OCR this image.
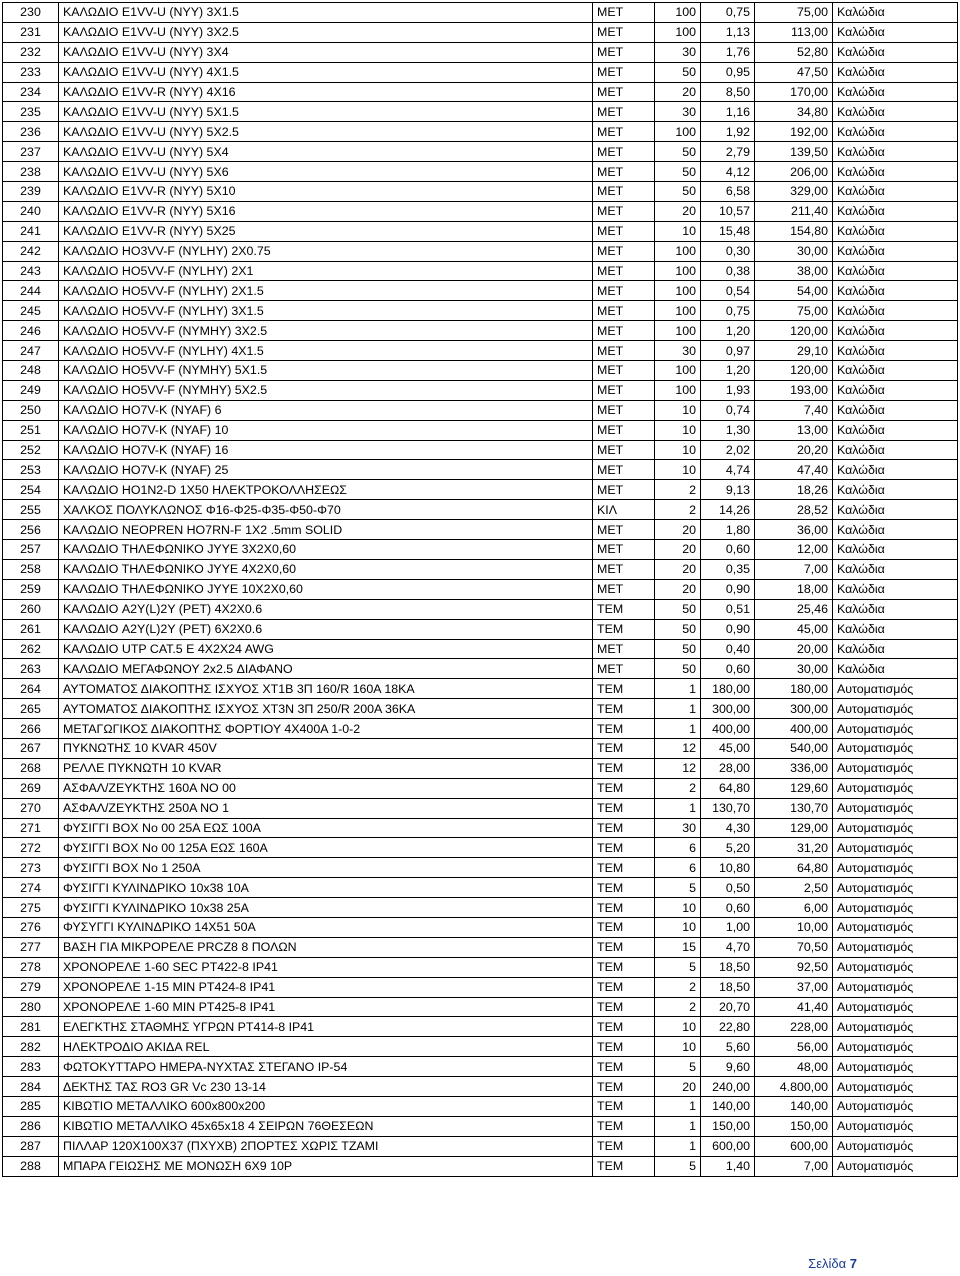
230	ΚΑΛΩΔΙΟ E1VV-U (NYY) 3X1.5	ΜΕΤ	100	0,75	75,00	Καλώδια
231	ΚΑΛΩΔΙΟ E1VV-U (NYY) 3X2.5	ΜΕΤ	100	1,13	113,00	Καλώδια
232	ΚΑΛΩΔΙΟ E1VV-U (NYY) 3X4	ΜΕΤ	30	1,76	52,80	Καλώδια
233	ΚΑΛΩΔΙΟ E1VV-U (NYY) 4X1.5	ΜΕΤ	50	0,95	47,50	Καλώδια
234	ΚΑΛΩΔΙΟ E1VV-R (NYY) 4X16	ΜΕΤ	20	8,50	170,00	Καλώδια
235	ΚΑΛΩΔΙΟ E1VV-U (NYY) 5X1.5	ΜΕΤ	30	1,16	34,80	Καλώδια
236	ΚΑΛΩΔΙΟ E1VV-U (NYY) 5X2.5	ΜΕΤ	100	1,92	192,00	Καλώδια
237	ΚΑΛΩΔΙΟ E1VV-U (NYY) 5X4	ΜΕΤ	50	2,79	139,50	Καλώδια
238	ΚΑΛΩΔΙΟ E1VV-U (NYY) 5X6	ΜΕΤ	50	4,12	206,00	Καλώδια
239	ΚΑΛΩΔΙΟ E1VV-R (NYY) 5X10	ΜΕΤ	50	6,58	329,00	Καλώδια
240	ΚΑΛΩΔΙΟ E1VV-R (NYY) 5X16	ΜΕΤ	20	10,57	211,40	Καλώδια
241	ΚΑΛΩΔΙΟ E1VV-R (NYY) 5X25	ΜΕΤ	10	15,48	154,80	Καλώδια
242	ΚΑΛΩΔΙΟ HO3VV-F (NYLHY) 2X0.75	ΜΕΤ	100	0,30	30,00	Καλώδια
243	ΚΑΛΩΔΙΟ HO5VV-F (NYLHY) 2X1	ΜΕΤ	100	0,38	38,00	Καλώδια
244	ΚΑΛΩΔΙΟ HO5VV-F (NYLHY) 2X1.5	ΜΕΤ	100	0,54	54,00	Καλώδια
245	ΚΑΛΩΔΙΟ HO5VV-F (NYLHY) 3X1.5	ΜΕΤ	100	0,75	75,00	Καλώδια
246	ΚΑΛΩΔΙΟ HO5VV-F (NYMHY) 3X2.5	ΜΕΤ	100	1,20	120,00	Καλώδια
247	ΚΑΛΩΔΙΟ HO5VV-F (NYLHY) 4X1.5	ΜΕΤ	30	0,97	29,10	Καλώδια
248	ΚΑΛΩΔΙΟ HO5VV-F (NYMHY) 5X1.5	ΜΕΤ	100	1,20	120,00	Καλώδια
249	ΚΑΛΩΔΙΟ HO5VV-F (NYMHY) 5X2.5	ΜΕΤ	100	1,93	193,00	Καλώδια
250	ΚΑΛΩΔΙΟ HO7V-K (NYAF) 6	ΜΕΤ	10	0,74	7,40	Καλώδια
251	ΚΑΛΩΔΙΟ HO7V-K (NYAF) 10	ΜΕΤ	10	1,30	13,00	Καλώδια
252	ΚΑΛΩΔΙΟ HO7V-K (NYAF) 16	ΜΕΤ	10	2,02	20,20	Καλώδια
253	ΚΑΛΩΔΙΟ HO7V-K (NYAF) 25	ΜΕΤ	10	4,74	47,40	Καλώδια
254	ΚΑΛΩΔΙΟ HO1N2-D 1X50 ΗΛΕΚΤΡΟΚΟΛΛΗΣΕΩΣ	ΜΕΤ	2	9,13	18,26	Καλώδια
255	ΧΑΛΚΟΣ ΠΟΛΥΚΛΩΝΟΣ Φ16-Φ25-Φ35-Φ50-Φ70	ΚΙΛ	2	14,26	28,52	Καλώδια
256	ΚΑΛΩΔΙΟ NEOPREN HO7RN-F 1X2 .5mm SOLID	ΜΕΤ	20	1,80	36,00	Καλώδια
257	ΚΑΛΩΔΙΟ ΤΗΛΕΦΩΝΙΚΟ JYYE 3X2X0,60	ΜΕΤ	20	0,60	12,00	Καλώδια
258	ΚΑΛΩΔΙΟ ΤΗΛΕΦΩΝΙΚΟ JYYE 4X2X0,60	ΜΕΤ	20	0,35	7,00	Καλώδια
259	ΚΑΛΩΔΙΟ ΤΗΛΕΦΩΝΙΚΟ JYYE 10X2X0,60	ΜΕΤ	20	0,90	18,00	Καλώδια
260	ΚΑΛΩΔΙΟ A2Y(L)2Y (PET) 4X2X0.6	ΤΕΜ	50	0,51	25,46	Καλώδια
261	ΚΑΛΩΔΙΟ A2Y(L)2Y (PET) 6X2X0.6	ΤΕΜ	50	0,90	45,00	Καλώδια
262	ΚΑΛΩΔΙΟ UTP CAT.5 E 4X2X24 AWG	ΜΕΤ	50	0,40	20,00	Καλώδια
263	ΚΑΛΩΔΙΟ ΜΕΓΑΦΩΝΟΥ 2x2.5 ΔΙΑΦΑΝΟ	ΜΕΤ	50	0,60	30,00	Καλώδια
264	ΑΥΤΟΜΑΤΟΣ ΔΙΑΚΟΠΤΗΣ ΙΣΧΥΟΣ XT1B 3Π 160/R 160A 18KA	ΤΕΜ	1	180,00	180,00	Αυτοματισμός
265	ΑΥΤΟΜΑΤΟΣ ΔΙΑΚΟΠΤΗΣ ΙΣΧΥΟΣ XT3N 3Π 250/R 200A 36KA	ΤΕΜ	1	300,00	300,00	Αυτοματισμός
266	ΜΕΤΑΓΩΓΙΚΟΣ ΔΙΑΚΟΠΤΗΣ ΦΟΡΤΙΟΥ 4X400A 1-0-2	ΤΕΜ	1	400,00	400,00	Αυτοματισμός
267	ΠΥΚΝΩΤΗΣ 10 KVAR 450V	ΤΕΜ	12	45,00	540,00	Αυτοματισμός
268	ΡΕΛΛΕ ΠΥΚΝΩΤΗ 10 KVAR	ΤΕΜ	12	28,00	336,00	Αυτοματισμός
269	ΑΣΦΑΛ/ΖΕΥΚΤΗΣ 160A NO 00	ΤΕΜ	2	64,80	129,60	Αυτοματισμός
270	ΑΣΦΑΛ/ΖΕΥΚΤΗΣ 250A NO 1	ΤΕΜ	1	130,70	130,70	Αυτοματισμός
271	ΦΥΣΙΓΓΙ ΒΟΧ Νο 00 25Α ΕΩΣ 100Α	ΤΕΜ	30	4,30	129,00	Αυτοματισμός
272	ΦΥΣΙΓΓΙ ΒΟΧ Νο 00 125Α ΕΩΣ 160Α	ΤΕΜ	6	5,20	31,20	Αυτοματισμός
273	ΦΥΣΙΓΓΙ ΒΟΧ Νο 1 250Α	ΤΕΜ	6	10,80	64,80	Αυτοματισμός
274	ΦΥΣΙΓΓΙ ΚΥΛΙΝΔΡΙΚΟ 10x38 10A	ΤΕΜ	5	0,50	2,50	Αυτοματισμός
275	ΦΥΣΙΓΓΙ ΚΥΛΙΝΔΡΙΚΟ 10x38 25A	ΤΕΜ	10	0,60	6,00	Αυτοματισμός
276	ΦΥΣΥΓΓΙ ΚΥΛΙΝΔΡΙΚΟ 14X51 50A	ΤΕΜ	10	1,00	10,00	Αυτοματισμός
277	ΒΑΣΗ ΓΙΑ ΜΙΚΡΟΡΕΛΕ PRCZ8 8 ΠΟΛΩΝ	ΤΕΜ	15	4,70	70,50	Αυτοματισμός
278	ΧΡΟΝΟΡΕΛΕ 1-60 SEC PT422-8 IP41	ΤΕΜ	5	18,50	92,50	Αυτοματισμός
279	ΧΡΟΝΟΡΕΛΕ 1-15 MIN PT424-8 IP41	ΤΕΜ	2	18,50	37,00	Αυτοματισμός
280	ΧΡΟΝΟΡΕΛΕ 1-60 MIN PT425-8 IP41	ΤΕΜ	2	20,70	41,40	Αυτοματισμός
281	ΕΛΕΓΚΤΗΣ ΣΤΑΘΜΗΣ ΥΓΡΩΝ PT414-8 IP41	ΤΕΜ	10	22,80	228,00	Αυτοματισμός
282	ΗΛΕΚΤΡΟΔΙΟ ΑΚΙΔΑ REL	ΤΕΜ	10	5,60	56,00	Αυτοματισμός
283	ΦΩΤΟΚΥΤΤΑΡΟ ΗΜΕΡΑ-ΝΥΧΤΑΣ ΣΤΕΓΑΝΟ IP-54	ΤΕΜ	5	9,60	48,00	Αυτοματισμός
284	ΔΕΚΤΗΣ ΤΑΣ RO3 GR Vc 230 13-14	ΤΕΜ	20	240,00	4.800,00	Αυτοματισμός
285	ΚΙΒΩΤΙΟ ΜΕΤΑΛΛΙΚΟ 600x800x200	ΤΕΜ	1	140,00	140,00	Αυτοματισμός
286	ΚΙΒΩΤΙΟ ΜΕΤΑΛΛΙΚΟ 45x65x18 4 ΣΕΙΡΩΝ 76ΘΕΣΕΩΝ	ΤΕΜ	1	150,00	150,00	Αυτοματισμός
287	ΠΙΛΛΑΡ 120Χ100Χ37 (ΠΧΥΧΒ) 2ΠΟΡΤΕΣ ΧΩΡΙΣ ΤΖΑΜΙ	ΤΕΜ	1	600,00	600,00	Αυτοματισμός
288	ΜΠΑΡΑ ΓΕΙΩΣΗΣ ΜΕ ΜΟΝΩΣΗ 6Χ9 10Ρ	ΤΕΜ	5	1,40	7,00	Αυτοματισμός
Σελίδα 7
